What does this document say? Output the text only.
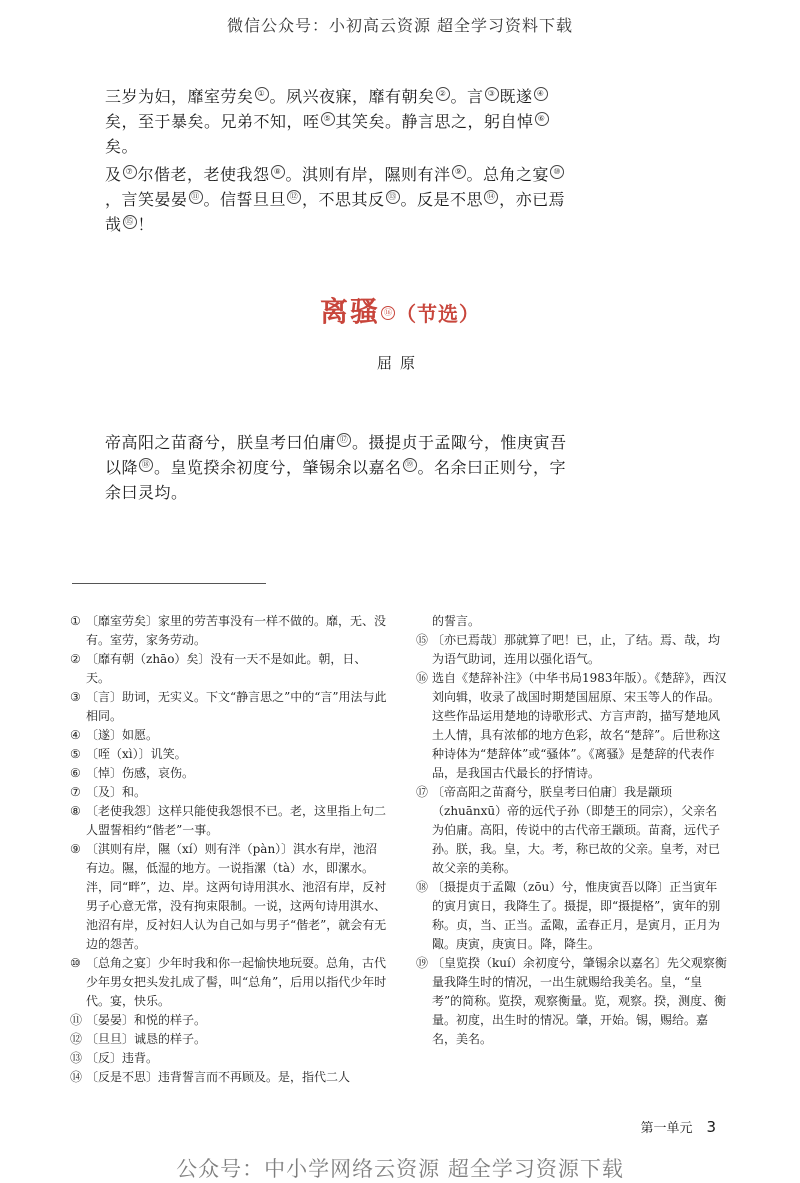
微信公众号：小初高云资源 超全学习资料下载

三岁为妇，靡室劳矣 ① 。夙兴夜寐，靡有朝矣 ② 。言 ③ 既遂 ④矣，至于暴矣。兄弟不知，咥 ⑤ 其笑矣。静言思之，躬自悼 ⑥矣。

及 ⑦ 尔偕老，老使我怨 ⑧ 。淇则有岸，隰则有泮 ⑨ 。总角之宴 ⑩，言笑晏晏 ⑪ 。信誓旦旦 ⑫ ，不思其反 ⑬ 。反是不思 ⑭ ，亦已焉哉 ⑮ ！

离骚 ⑯ （节选）
屈原

帝高阳之苗裔兮，朕皇考曰伯庸 ⑰ 。摄提贞于孟陬兮，惟庚寅吾以降 ⑱ 。皇览揆余初度兮，肇锡余以嘉名 ⑲ 。名余曰正则兮，字余曰灵均。

① 〔靡室劳矣〕家里的劳苦事没有一样不做的。靡，无、没有。室劳，家务劳动。
② 〔靡有朝（zhāo）矣〕没有一天不是如此。朝，日、天。
③ 〔言〕助词，无实义。下文“静言思之”中的“言”用法与此相同。
④ 〔遂〕如愿。
⑤ 〔咥（xì）〕讥笑。
⑥ 〔悼〕伤感，哀伤。
⑦ 〔及〕和。
⑧ 〔老使我怨〕这样只能使我怨恨不已。老，这里指上句二人盟誓相约“偕老”一事。
⑨ 〔淇则有岸，隰（xí）则有泮（pàn）〕淇水有岸，池沼有边。隰，低湿的地方。一说指漯（tà）水，即漯水。泮，同“畔”，边、岸。这两句诗用淇水、池沼有岸，反衬男子心意无常，没有拘束限制。一说，这两句诗用淇水、池沼有岸，反衬妇人认为自己如与男子“偕老”，就会有无边的怨苦。
⑩ 〔总角之宴〕少年时我和你一起愉快地玩耍。总角，古代少年男女把头发扎成了髻，叫“总角”，后用以指代少年时代。宴，快乐。
⑪ 〔晏晏〕和悦的样子。
⑫ 〔旦旦〕诚恳的样子。
⑬ 〔反〕违背。
⑭ 〔反是不思〕违背誓言而不再顾及。是，指代二人
的誓言。
⑮ 〔亦已焉哉〕那就算了吧！已，止，了结。焉、哉，均为语气助词，连用以强化语气。
⑯ 选自《楚辞补注》（中华书局1983年版）。《楚辞》，西汉刘向辑，收录了战国时期楚国屈原、宋玉等人的作品。这些作品运用楚地的诗歌形式、方言声韵，描写楚地风土人情，具有浓郁的地方色彩，故名“楚辞”。后世称这种诗体为“楚辞体”或“骚体”。《离骚》是楚辞的代表作品，是我国古代最长的抒情诗。
⑰ 〔帝高阳之苗裔兮，朕皇考曰伯庸〕我是颛顼（zhuānxū）帝的远代子孙（即楚王的同宗），父亲名为伯庸。高阳，传说中的古代帝王颛顼。苗裔，远代子孙。朕，我。皇，大。考，称已故的父亲。皇考，对已故父亲的美称。
⑱ 〔摄提贞于孟陬（zōu）兮，惟庚寅吾以降〕正当寅年的寅月寅日，我降生了。摄提，即“摄提格”，寅年的别称。贞，当、正当。孟陬，孟春正月，是寅月，正月为陬。庚寅，庚寅日。降，降生。
⑲ 〔皇览揆（kuí）余初度兮，肇锡余以嘉名〕先父观察衡量我降生时的情况，一出生就赐给我美名。皇，“皇考”的简称。览揆，观察衡量。览，观察。揆，测度、衡量。初度，出生时的情况。肇，开始。锡，赐给。嘉名，美名。
第一单元 3
公众号：中小学网络云资源 超全学习资源下载
